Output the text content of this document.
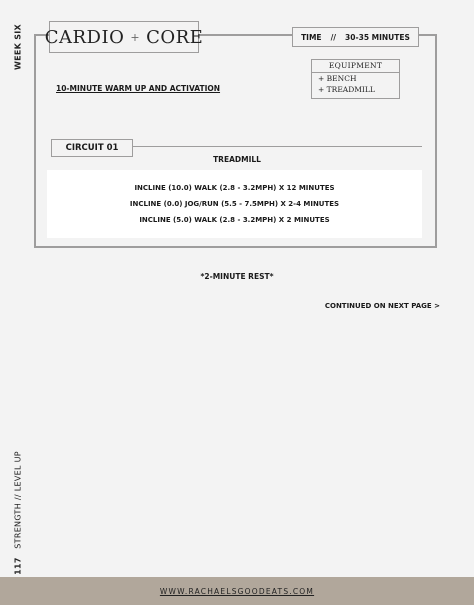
WEEK SIX
117   STRENGTH // LEVEL UP
CARDIO + CORE	TIME // 30-35 MINUTES
EQUIPMENT
+ BENCH
+ TREADMILL
10-MINUTE WARM UP AND ACTIVATION
CIRCUIT 01
TREADMILL
INCLINE (10.0) WALK (2.8 - 3.2MPH) X 12 MINUTES
INCLINE (0.0) JOG/RUN (5.5 - 7.5MPH) X 2-4 MINUTES
INCLINE (5.0) WALK (2.8 - 3.2MPH) X 2 MINUTES
*2-MINUTE REST*
CONTINUED ON NEXT PAGE >
WWW.RACHAELSGOODEATS.COM
